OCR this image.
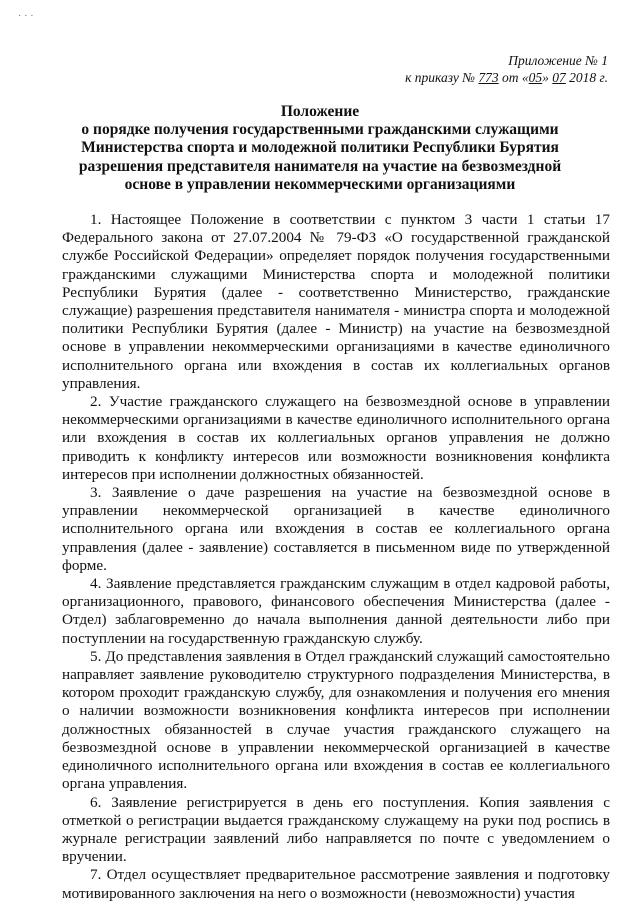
· · ·
Приложение № 1
к приказу № 773 от «05» 07 2018 г.
Положение
о порядке получения государственными гражданскими служащими
Министерства спорта и молодежной политики Республики Бурятия
разрешения представителя нанимателя на участие на безвозмездной
основе в управлении некоммерческими организациями

1. Настоящее Положение в соответствии с пунктом 3 части 1 статьи 17 Федерального закона от 27.07.2004 № 79-ФЗ «О государственной гражданской службе Российской Федерации» определяет порядок получения государственными гражданскими служащими Министерства спорта и молодежной политики Республики Бурятия (далее - соответственно Министерство, гражданские служащие) разрешения представителя нанимателя - министра спорта и молодежной политики Республики Бурятия (далее - Министр) на участие на безвозмездной основе в управлении некоммерческими организациями в качестве единоличного исполнительного органа или вхождения в состав их коллегиальных органов управления.

2. Участие гражданского служащего на безвозмездной основе в управлении некоммерческими организациями в качестве единоличного исполнительного органа или вхождения в состав их коллегиальных органов управления не должно приводить к конфликту интересов или возможности возникновения конфликта интересов при исполнении должностных обязанностей.

3. Заявление о даче разрешения на участие на безвозмездной основе в управлении некоммерческой организацией в качестве единоличного исполнительного органа или вхождения в состав ее коллегиального органа управления (далее - заявление) составляется в письменном виде по утвержденной форме.

4. Заявление представляется гражданским служащим в отдел кадровой работы, организационного, правового, финансового обеспечения Министерства (далее - Отдел) заблаговременно до начала выполнения данной деятельности либо при поступлении на государственную гражданскую службу.

5. До представления заявления в Отдел гражданский служащий самостоятельно направляет заявление руководителю структурного подразделения Министерства, в котором проходит гражданскую службу, для ознакомления и получения его мнения о наличии возможности возникновения конфликта интересов при исполнении должностных обязанностей в случае участия гражданского служащего на безвозмездной основе в управлении некоммерческой организацией в качестве единоличного исполнительного органа или вхождения в состав ее коллегиального органа управления.

6. Заявление регистрируется в день его поступления. Копия заявления с отметкой о регистрации выдается гражданскому служащему на руки под роспись в журнале регистрации заявлений либо направляется по почте с уведомлением о вручении.

7. Отдел осуществляет предварительное рассмотрение заявления и подготовку мотивированного заключения на него о возможности (невозможности) участия
